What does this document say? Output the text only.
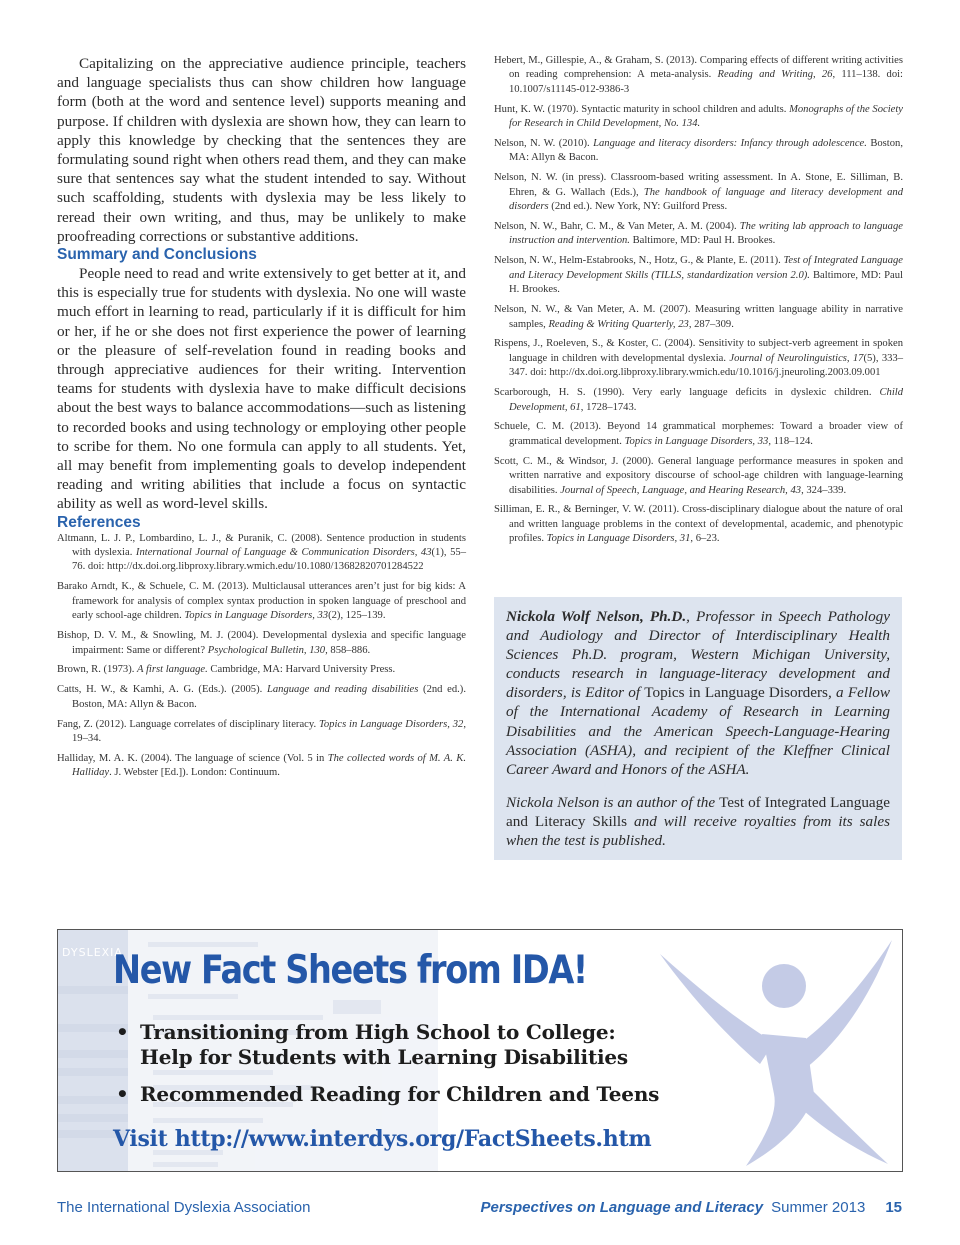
Capitalizing on the appreciative audience principle, teachers and language specialists thus can show children how language form (both at the word and sentence level) supports meaning and purpose. If children with dyslexia are shown how, they can learn to apply this knowledge by checking that the sentences they are formulating sound right when others read them, and they can make sure that sentences say what the student intended to say. Without such scaffolding, students with dyslexia may be less likely to reread their own writing, and thus, may be unlikely to make proofreading corrections or substantive additions.

Summary and Conclusions

People need to read and write extensively to get better at it, and this is especially true for students with dyslexia. No one will waste much effort in learning to read, particularly if it is difficult for him or her, if he or she does not first experience the power of learning or the pleasure of self-revelation found in reading books and through appreciative audiences for their writing. Intervention teams for students with dyslexia have to make difficult decisions about the best ways to balance accommodations—such as listening to recorded books and using technology or employing other people to scribe for them. No one formula can apply to all students. Yet, all may benefit from implementing goals to develop independent reading and writing abilities that include a focus on syntactic ability as well as word-level skills.

References

Altmann, L. J. P., Lombardino, L. J., & Puranik, C. (2008). Sentence production in students with dyslexia. International Journal of Language & Communication Disorders, 43(1), 55–76. doi: http://dx.doi.org.libproxy.library.wmich.edu/10.1080/13682820701284522

Barako Arndt, K., & Schuele, C. M. (2013). Multiclausal utterances aren’t just for big kids: A framework for analysis of complex syntax production in spoken language of preschool and early school-age children. Topics in Language Disorders, 33(2), 125–139.

Bishop, D. V. M., & Snowling, M. J. (2004). Developmental dyslexia and specific language impairment: Same or different? Psychological Bulletin, 130, 858–886.

Brown, R. (1973). A first language. Cambridge, MA: Harvard University Press.

Catts, H. W., & Kamhi, A. G. (Eds.). (2005). Language and reading disabilities (2nd ed.). Boston, MA: Allyn & Bacon.

Fang, Z. (2012). Language correlates of disciplinary literacy. Topics in Language Disorders, 32, 19–34.

Halliday, M. A. K. (2004). The language of science (Vol. 5 in The collected words of M. A. K. Halliday. J. Webster [Ed.]). London: Continuum.

Hebert, M., Gillespie, A., & Graham, S. (2013). Comparing effects of different writing activities on reading comprehension: A meta-analysis. Reading and Writing, 26, 111–138. doi: 10.1007/s11145-012-9386-3

Hunt, K. W. (1970). Syntactic maturity in school children and adults. Monographs of the Society for Research in Child Development, No. 134.

Nelson, N. W. (2010). Language and literacy disorders: Infancy through adolescence. Boston, MA: Allyn & Bacon.

Nelson, N. W. (in press). Classroom-based writing assessment. In A. Stone, E. Silliman, B. Ehren, & G. Wallach (Eds.), The handbook of language and literacy development and disorders (2nd ed.). New York, NY: Guilford Press.

Nelson, N. W., Bahr, C. M., & Van Meter, A. M. (2004). The writing lab approach to language instruction and intervention. Baltimore, MD: Paul H. Brookes.

Nelson, N. W., Helm-Estabrooks, N., Hotz, G., & Plante, E. (2011). Test of Integrated Language and Literacy Development Skills (TILLS, standardization version 2.0). Baltimore, MD: Paul H. Brookes.

Nelson, N. W., & Van Meter, A. M. (2007). Measuring written language ability in narrative samples, Reading & Writing Quarterly, 23, 287–309.

Rispens, J., Roeleven, S., & Koster, C. (2004). Sensitivity to subject-verb agreement in spoken language in children with developmental dyslexia. Journal of Neurolinguistics, 17(5), 333–347. doi: http://dx.doi.org.libproxy.library.wmich.edu/10.1016/j.jneuroling.2003.09.001

Scarborough, H. S. (1990). Very early language deficits in dyslexic children. Child Development, 61, 1728–1743.

Schuele, C. M. (2013). Beyond 14 grammatical morphemes: Toward a broader view of grammatical development. Topics in Language Disorders, 33, 118–124.

Scott, C. M., & Windsor, J. (2000). General language performance measures in spoken and written narrative and expository discourse of school-age children with language-learning disabilities. Journal of Speech, Language, and Hearing Research, 43, 324–339.

Silliman, E. R., & Berninger, V. W. (2011). Cross-disciplinary dialogue about the nature of oral and written language problems in the context of developmental, academic, and phenotypic profiles. Topics in Language Disorders, 31, 6–23.

Nickola Wolf Nelson, Ph.D., Professor in Speech Pathology and Audiology and Director of Interdisciplinary Health Sciences Ph.D. program, Western Michigan University, conducts research in language-literacy development and disorders, is Editor of Topics in Language Disorders, a Fellow of the International Academy of Research in Learning Disabilities and the American Speech-Language-Hearing Association (ASHA), and recipient of the Kleffner Clinical Career Award and Honors of the ASHA.

Nickola Nelson is an author of the Test of Integrated Language and Literacy Skills and will receive royalties from its sales when the test is published.

DYSLEXIA
New Fact Sheets from IDA!
• Transitioning from High School to College:
Help for Students with Learning Disabilities
• Recommended Reading for Children and Teens
Visit http://www.interdys.org/FactSheets.htm
The International Dyslexia Association	Perspectives on Language and Literacy Summer 2013 15
